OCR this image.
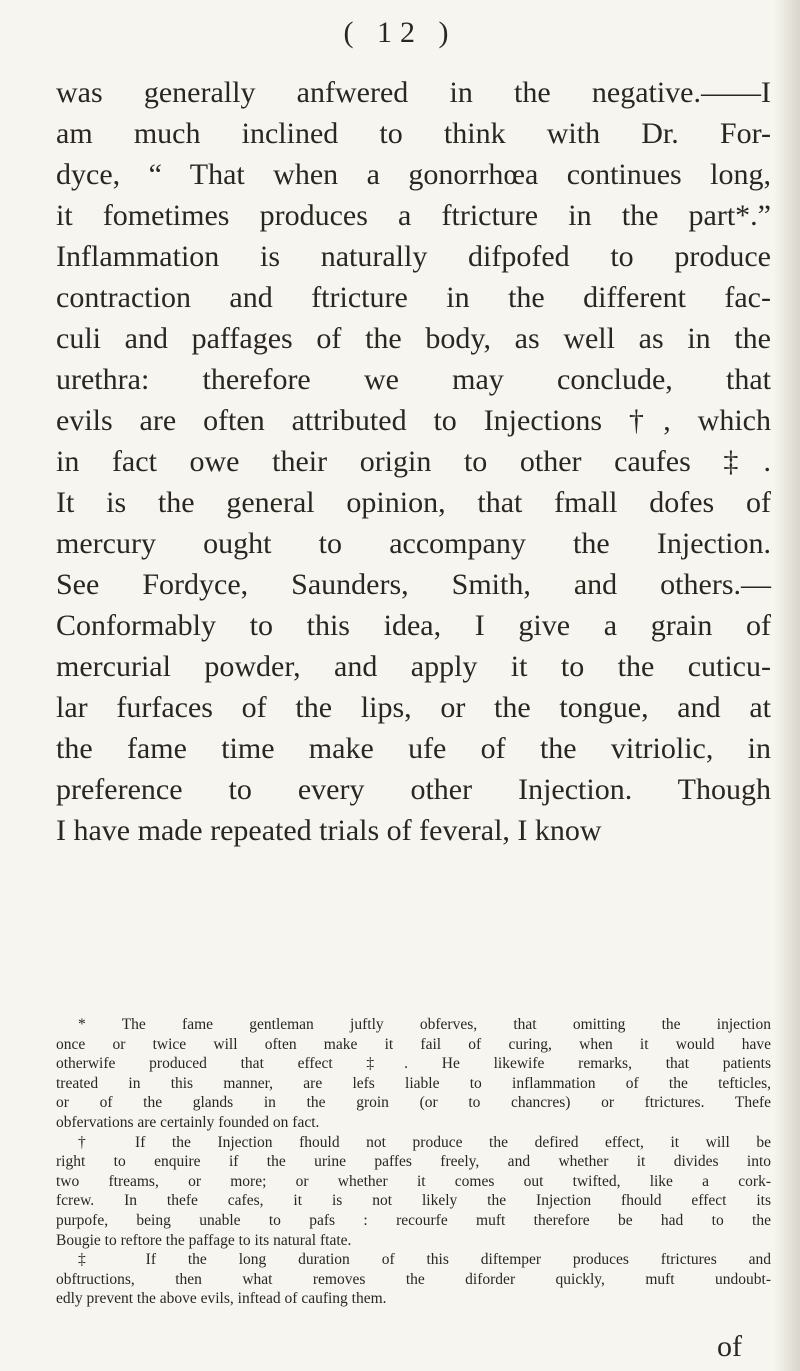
( 12 )
was generally anfwered in the negative.——I
am much inclined to think with Dr. For-
dyce, “ That when a gonorrhœa continues long,
it fometimes produces a ftricture in the part*.”
Inflammation is naturally difpofed to produce
contraction and ftricture in the different fac-
culi and paffages of the body, as well as in the
urethra: therefore we may conclude, that
evils are often attributed to Injections †, which
in fact owe their origin to other caufes ‡.
It is the general opinion, that fmall dofes of
mercury ought to accompany the Injection.
See Fordyce, Saunders, Smith, and others.—
Conformably to this idea, I give a grain of
mercurial powder, and apply it to the cuticu-
lar furfaces of the lips, or the tongue, and at
the fame time make ufe of the vitriolic, in
preference to every other Injection. Though
I have made repeated trials of feveral, I know
* The fame gentleman juftly obferves, that omitting the injection
once or twice will often make it fail of curing, when it would have
otherwife produced that effect ‡. He likewife remarks, that patients
treated in this manner, are lefs liable to inflammation of the tefticles,
or of the glands in the groin (or to chancres) or ftrictures. Thefe
obfervations are certainly founded on fact.
† If the Injection fhould not produce the defired effect, it will be
right to enquire if the urine paffes freely, and whether it divides into
two ftreams, or more; or whether it comes out twifted, like a cork-
fcrew. In thefe cafes, it is not likely the Injection fhould effect its
purpofe, being unable to pafs : recourfe muft therefore be had to the
Bougie to reftore the paffage to its natural ftate.
‡ If the long duration of this diftemper produces ftrictures and
obftructions, then what removes the diforder quickly, muft undoubt-
edly prevent the above evils, inftead of caufing them.
of
